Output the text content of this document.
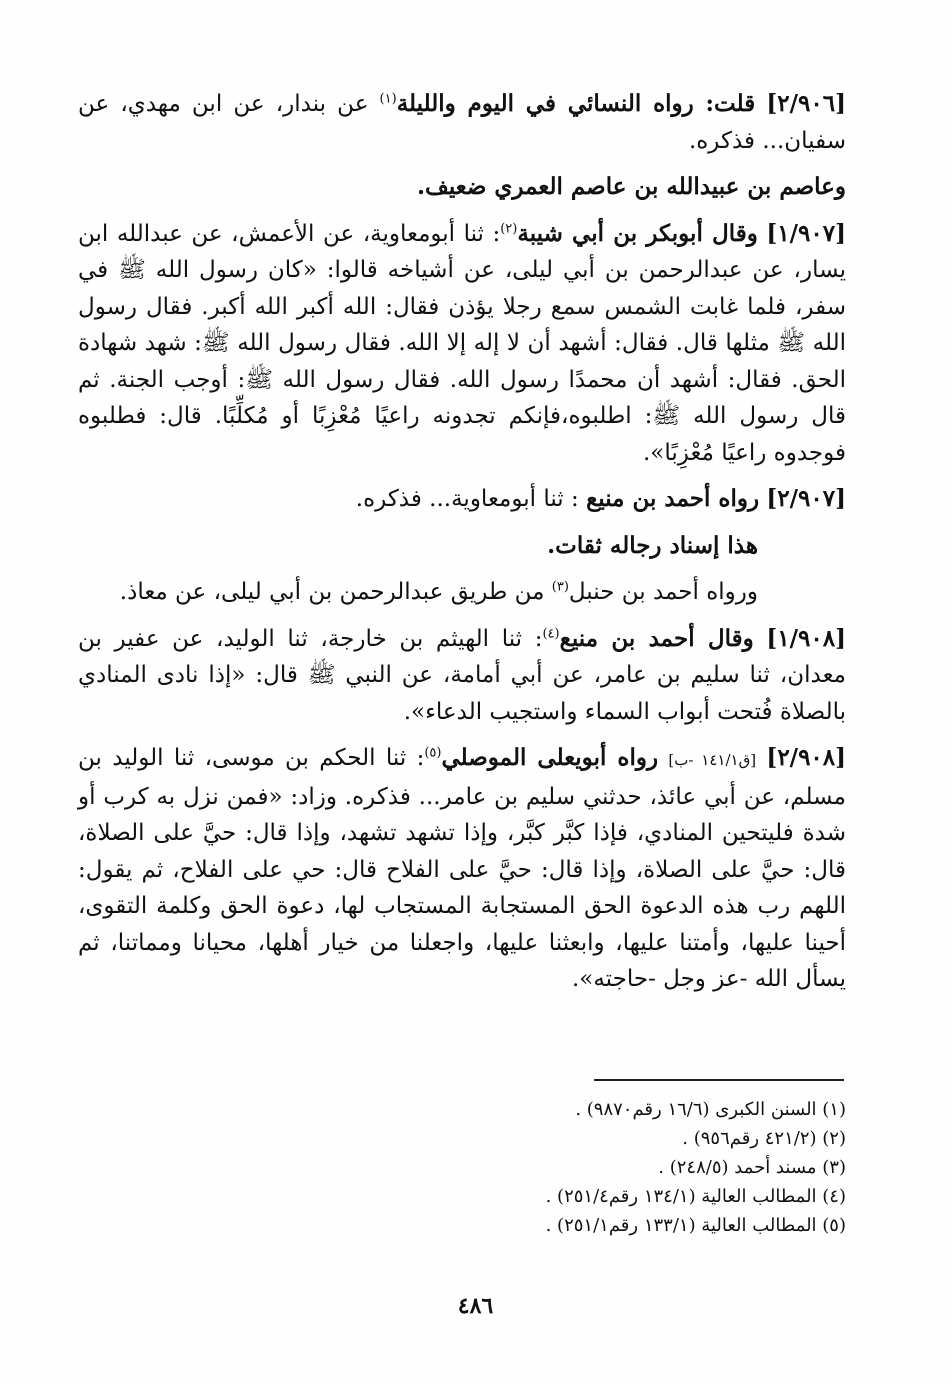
[٢/٩٠٦] قلت: رواه النسائي في اليوم والليلة$^{(١)}$ عن بندار، عن ابن مهدي، عن سفيان... فذكره.

وعاصم بن عبيدالله بن عاصم العمري ضعيف.

[١/٩٠٧] وقال أبوبكر بن أبي شيبة$^{(٢)}$: ثنا أبومعاوية، عن الأعمش، عن عبدالله ابن يسار، عن عبدالرحمن بن أبي ليلى، عن أشياخه قالوا: «كان رسول الله ﷺ في سفر، فلما غابت الشمس سمع رجلا يؤذن فقال: الله أكبر الله أكبر. فقال رسول الله ﷺ مثلها قال. فقال: أشهد أن لا إله إلا الله. فقال رسول الله ﷺ: شهد شهادة الحق. فقال: أشهد أن محمدًا رسول الله. فقال رسول الله ﷺ: أوجب الجنة. ثم قال رسول الله ﷺ: اطلبوه،فإنكم تجدونه راعيًا مُعْزِبًا أو مُكلِّبًا. قال: فطلبوه فوجدوه راعيًا مُعْزِبًا».

[٢/٩٠٧] رواه أحمد بن منيع : ثنا أبومعاوية... فذكره.

هذا إسناد رجاله ثقات.

ورواه أحمد بن حنبل$^{(٣)}$ من طريق عبدالرحمن بن أبي ليلى، عن معاذ.

[١/٩٠٨] وقال أحمد بن منيع$^{(٤)}$: ثنا الهيثم بن خارجة، ثنا الوليد، عن عفير بن معدان، ثنا سليم بن عامر، عن أبي أمامة، عن النبي ﷺ قال: «إذا نادى المنادي بالصلاة فُتحت أبواب السماء واستجيب الدعاء».

[٢/٩٠٨] [ق١٤١/١ -ب] رواه أبويعلى الموصلي$^{(٥)}$: ثنا الحكم بن موسى، ثنا الوليد بن مسلم، عن أبي عائذ، حدثني سليم بن عامر... فذكره. وزاد: «فمن نزل به كرب أو شدة فليتحين المنادي، فإذا كبَّر كبَّر، وإذا تشهد تشهد، وإذا قال: حيَّ على الصلاة، قال: حيَّ على الصلاة، وإذا قال: حيَّ على الفلاح قال: حي على الفلاح، ثم يقول: اللهم رب هذه الدعوة الحق المستجابة المستجاب لها، دعوة الحق وكلمة التقوى، أحينا عليها، وأمتنا عليها، وابعثنا عليها، واجعلنا من خيار أهلها، محيانا ومماتنا، ثم يسأل الله -عز وجل -حاجته».

(١) السنن الكبرى (١٦/٦ رقم٩٨٧٠) .

(٢) (٤٢١/٢ رقم٩٥٦) .

(٣) مسند أحمد (٢٤٨/٥) .

(٤) المطالب العالية (١٣٤/١ رقم٢٥١/٤) .

(٥) المطالب العالية (١٣٣/١ رقم٢٥١/١) .

٤٨٦
